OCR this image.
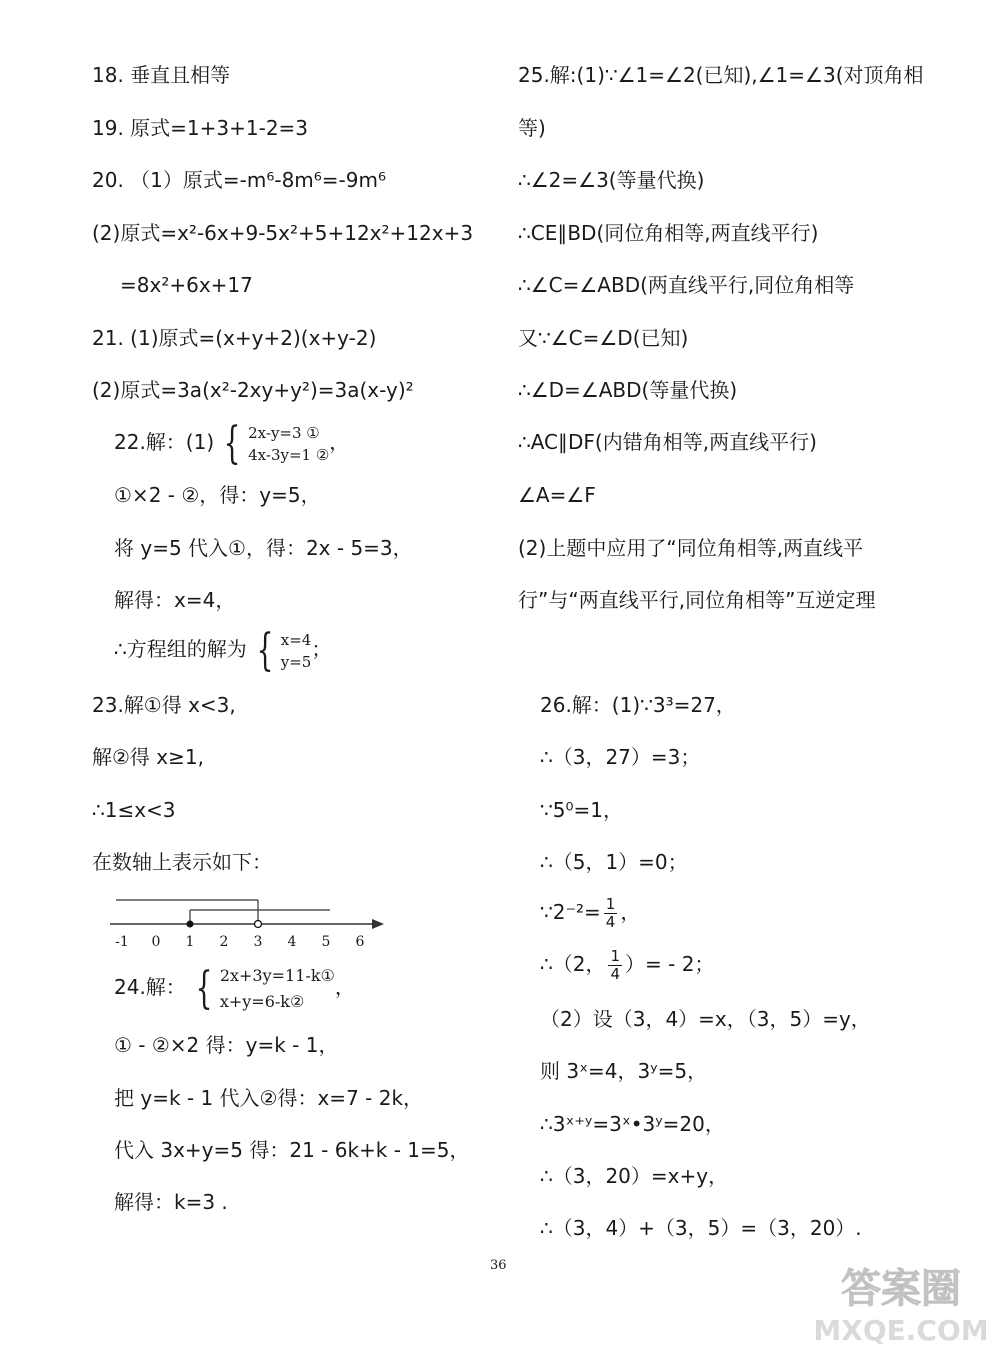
18. 垂直且相等
19. 原式=1+3+1-2=3
20. （1）原式=-m⁶-8m⁶=-9m⁶
(2)原式=x²-6x+9-5x²+5+12x²+12x+3
=8x²+6x+17
21. (1)原式=(x+y+2)(x+y-2)
(2)原式=3a(x²-2xy+y²)=3a(x-y)²
22.解：(1) { 2x-y=3 ①
4x-3y=1 ②
，
①×2 - ②，得：y=5，
将 y=5 代入①，得：2x - 5=3，
解得：x=4，
∴方程组的解为 { x=4
y=5
；
23.解①得 x<3,
解②得 x≥1,
∴1≤x<3
在数轴上表示如下：
-1 0 1 2 3 4 5 6
24.解： { 2x+3y=11-k①
x+y=6-k②
，
① - ②×2 得：y=k - 1，
把 y=k - 1 代入②得：x=7 - 2k，
代入 3x+y=5 得：21 - 6k+k - 1=5，
解得：k=3 .
25.解:(1)∵∠1=∠2(已知),∠1=∠3(对顶角相
等)
∴∠2=∠3(等量代换)
∴CE∥BD(同位角相等,两直线平行)
∴∠C=∠ABD(两直线平行,同位角相等
又∵∠C=∠D(已知)
∴∠D=∠ABD(等量代换)
∴AC∥DF(内错角相等,两直线平行)
∠A=∠F
(2)上题中应用了“同位角相等,两直线平
行”与“两直线平行,同位角相等”互逆定理
26.解：(1)∵3³=27，
∴（3，27）=3；
∵5⁰=1，
∴（5，1）=0；
∵2⁻²= $\frac{1}{4}$ ，
∴（2， $\frac{1}{4}$ ）= - 2；
（2）设（3，4）=x，（3，5）=y，
则 3ˣ=4，3ʸ=5，
∴3ˣ⁺ʸ=3ˣ•3ʸ=20，
∴（3，20）=x+y，
∴（3，4）+（3，5）=（3，20）.
36
答案圈
MXQE.COM
